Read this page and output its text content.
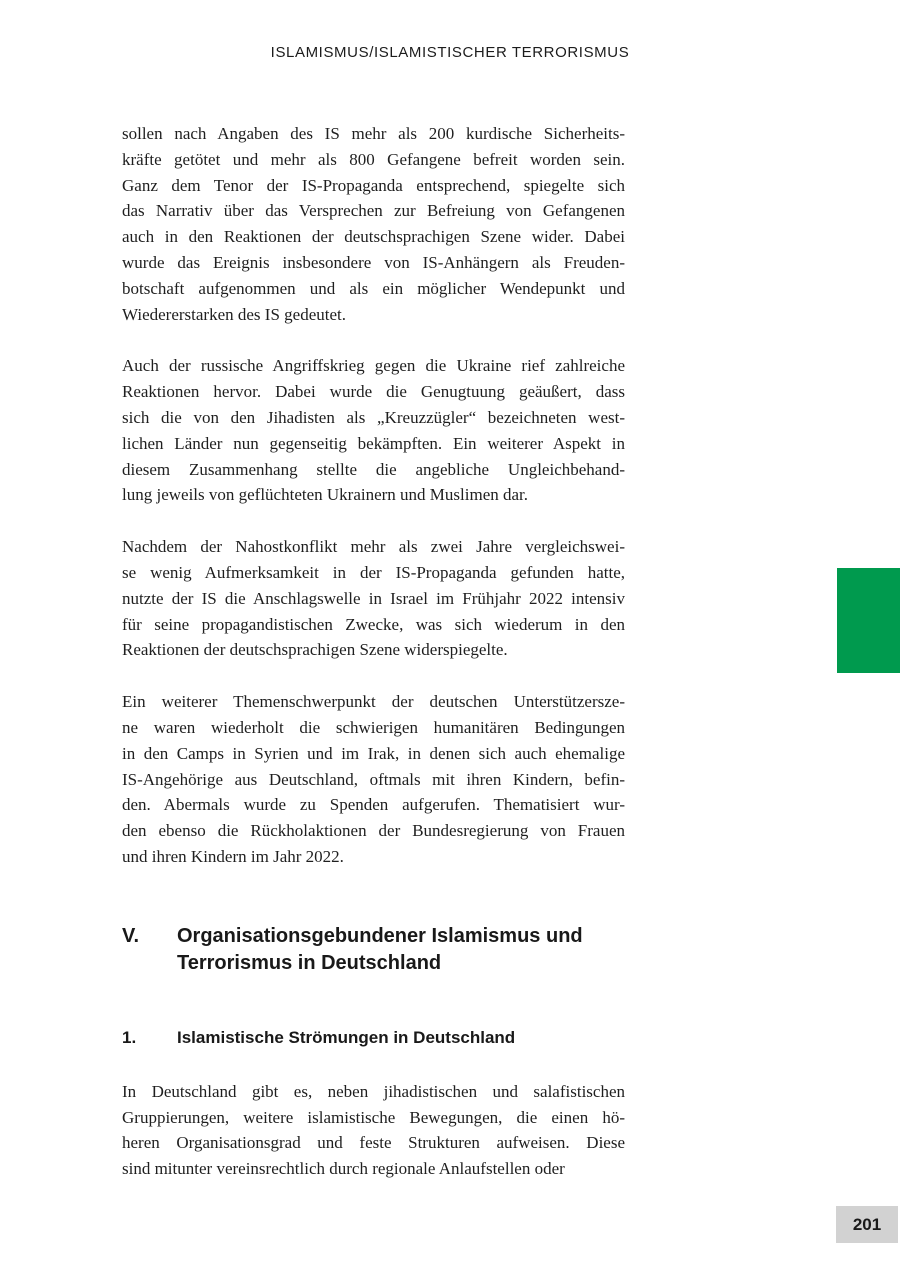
ISLAMISMUS/ISLAMISTISCHER TERRORISMUS
sollen nach Angaben des IS mehr als 200 kurdische Sicherheits-
kräfte getötet und mehr als 800 Gefangene befreit worden sein.
Ganz dem Tenor der IS-Propaganda entsprechend, spiegelte sich
das Narrativ über das Versprechen zur Befreiung von Gefangenen
auch in den Reaktionen der deutschsprachigen Szene wider. Dabei
wurde das Ereignis insbesondere von IS-Anhängern als Freuden-
botschaft aufgenommen und als ein möglicher Wendepunkt und
Wiedererstarken des IS gedeutet.
Auch der russische Angriffskrieg gegen die Ukraine rief zahlreiche
Reaktionen hervor. Dabei wurde die Genugtuung geäußert, dass
sich die von den Jihadisten als „Kreuzzügler“ bezeichneten west-
lichen Länder nun gegenseitig bekämpften. Ein weiterer Aspekt in
diesem Zusammenhang stellte die angebliche Ungleichbehand-
lung jeweils von geflüchteten Ukrainern und Muslimen dar.
Nachdem der Nahostkonflikt mehr als zwei Jahre vergleichswei-
se wenig Aufmerksamkeit in der IS-Propaganda gefunden hatte,
nutzte der IS die Anschlagswelle in Israel im Frühjahr 2022 intensiv
für seine propagandistischen Zwecke, was sich wiederum in den
Reaktionen der deutschsprachigen Szene widerspiegelte.
Ein weiterer Themenschwerpunkt der deutschen Unterstützersze-
ne waren wiederholt die schwierigen humanitären Bedingungen
in den Camps in Syrien und im Irak, in denen sich auch ehemalige
IS-Angehörige aus Deutschland, oftmals mit ihren Kindern, befin-
den. Abermals wurde zu Spenden aufgerufen. Thematisiert wur-
den ebenso die Rückholaktionen der Bundesregierung von Frauen
und ihren Kindern im Jahr 2022.
V.	Organisationsgebundener Islamismus und
Terrorismus in Deutschland
1.	Islamistische Strömungen in Deutschland
In Deutschland gibt es, neben jihadistischen und salafistischen
Gruppierungen, weitere islamistische Bewegungen, die einen hö-
heren Organisationsgrad und feste Strukturen aufweisen. Diese
sind mitunter vereinsrechtlich durch regionale Anlaufstellen oder
201
